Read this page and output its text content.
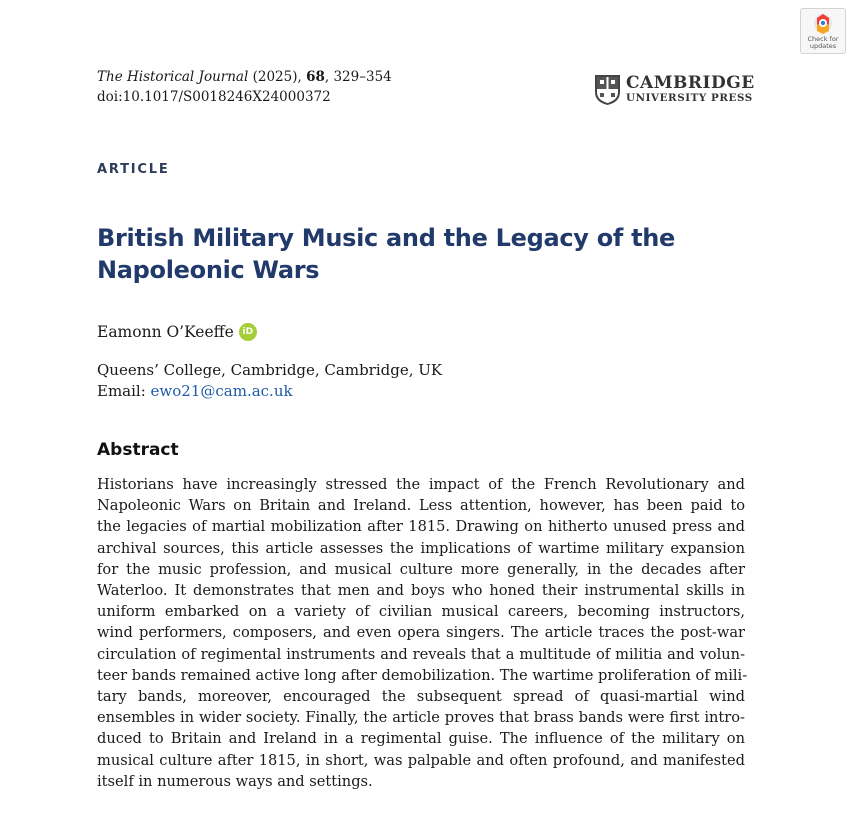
Check for
updates
The Historical Journal (2025), 68, 329–354
doi:10.1017/S0018246X24000372
CAMBRIDGE
UNIVERSITY PRESS
ARTICLE
British Military Music and the Legacy of the
Napoleonic Wars
Eamonn O’Keeffe iD
Queens’ College, Cambridge, Cambridge, UK
Email: ewo21@cam.ac.uk
Abstract
Historians have increasingly stressed the impact of the French Revolutionary and
Napoleonic Wars on Britain and Ireland. Less attention, however, has been paid to
the legacies of martial mobilization after 1815. Drawing on hitherto unused press and
archival sources, this article assesses the implications of wartime military expansion
for the music profession, and musical culture more generally, in the decades after
Waterloo. It demonstrates that men and boys who honed their instrumental skills in
uniform embarked on a variety of civilian musical careers, becoming instructors,
wind performers, composers, and even opera singers. The article traces the post-war
circulation of regimental instruments and reveals that a multitude of militia and volun-
teer bands remained active long after demobilization. The wartime proliferation of mili-
tary bands, moreover, encouraged the subsequent spread of quasi-martial wind
ensembles in wider society. Finally, the article proves that brass bands were first intro-
duced to Britain and Ireland in a regimental guise. The influence of the military on
musical culture after 1815, in short, was palpable and often profound, and manifested
itself in numerous ways and settings.
